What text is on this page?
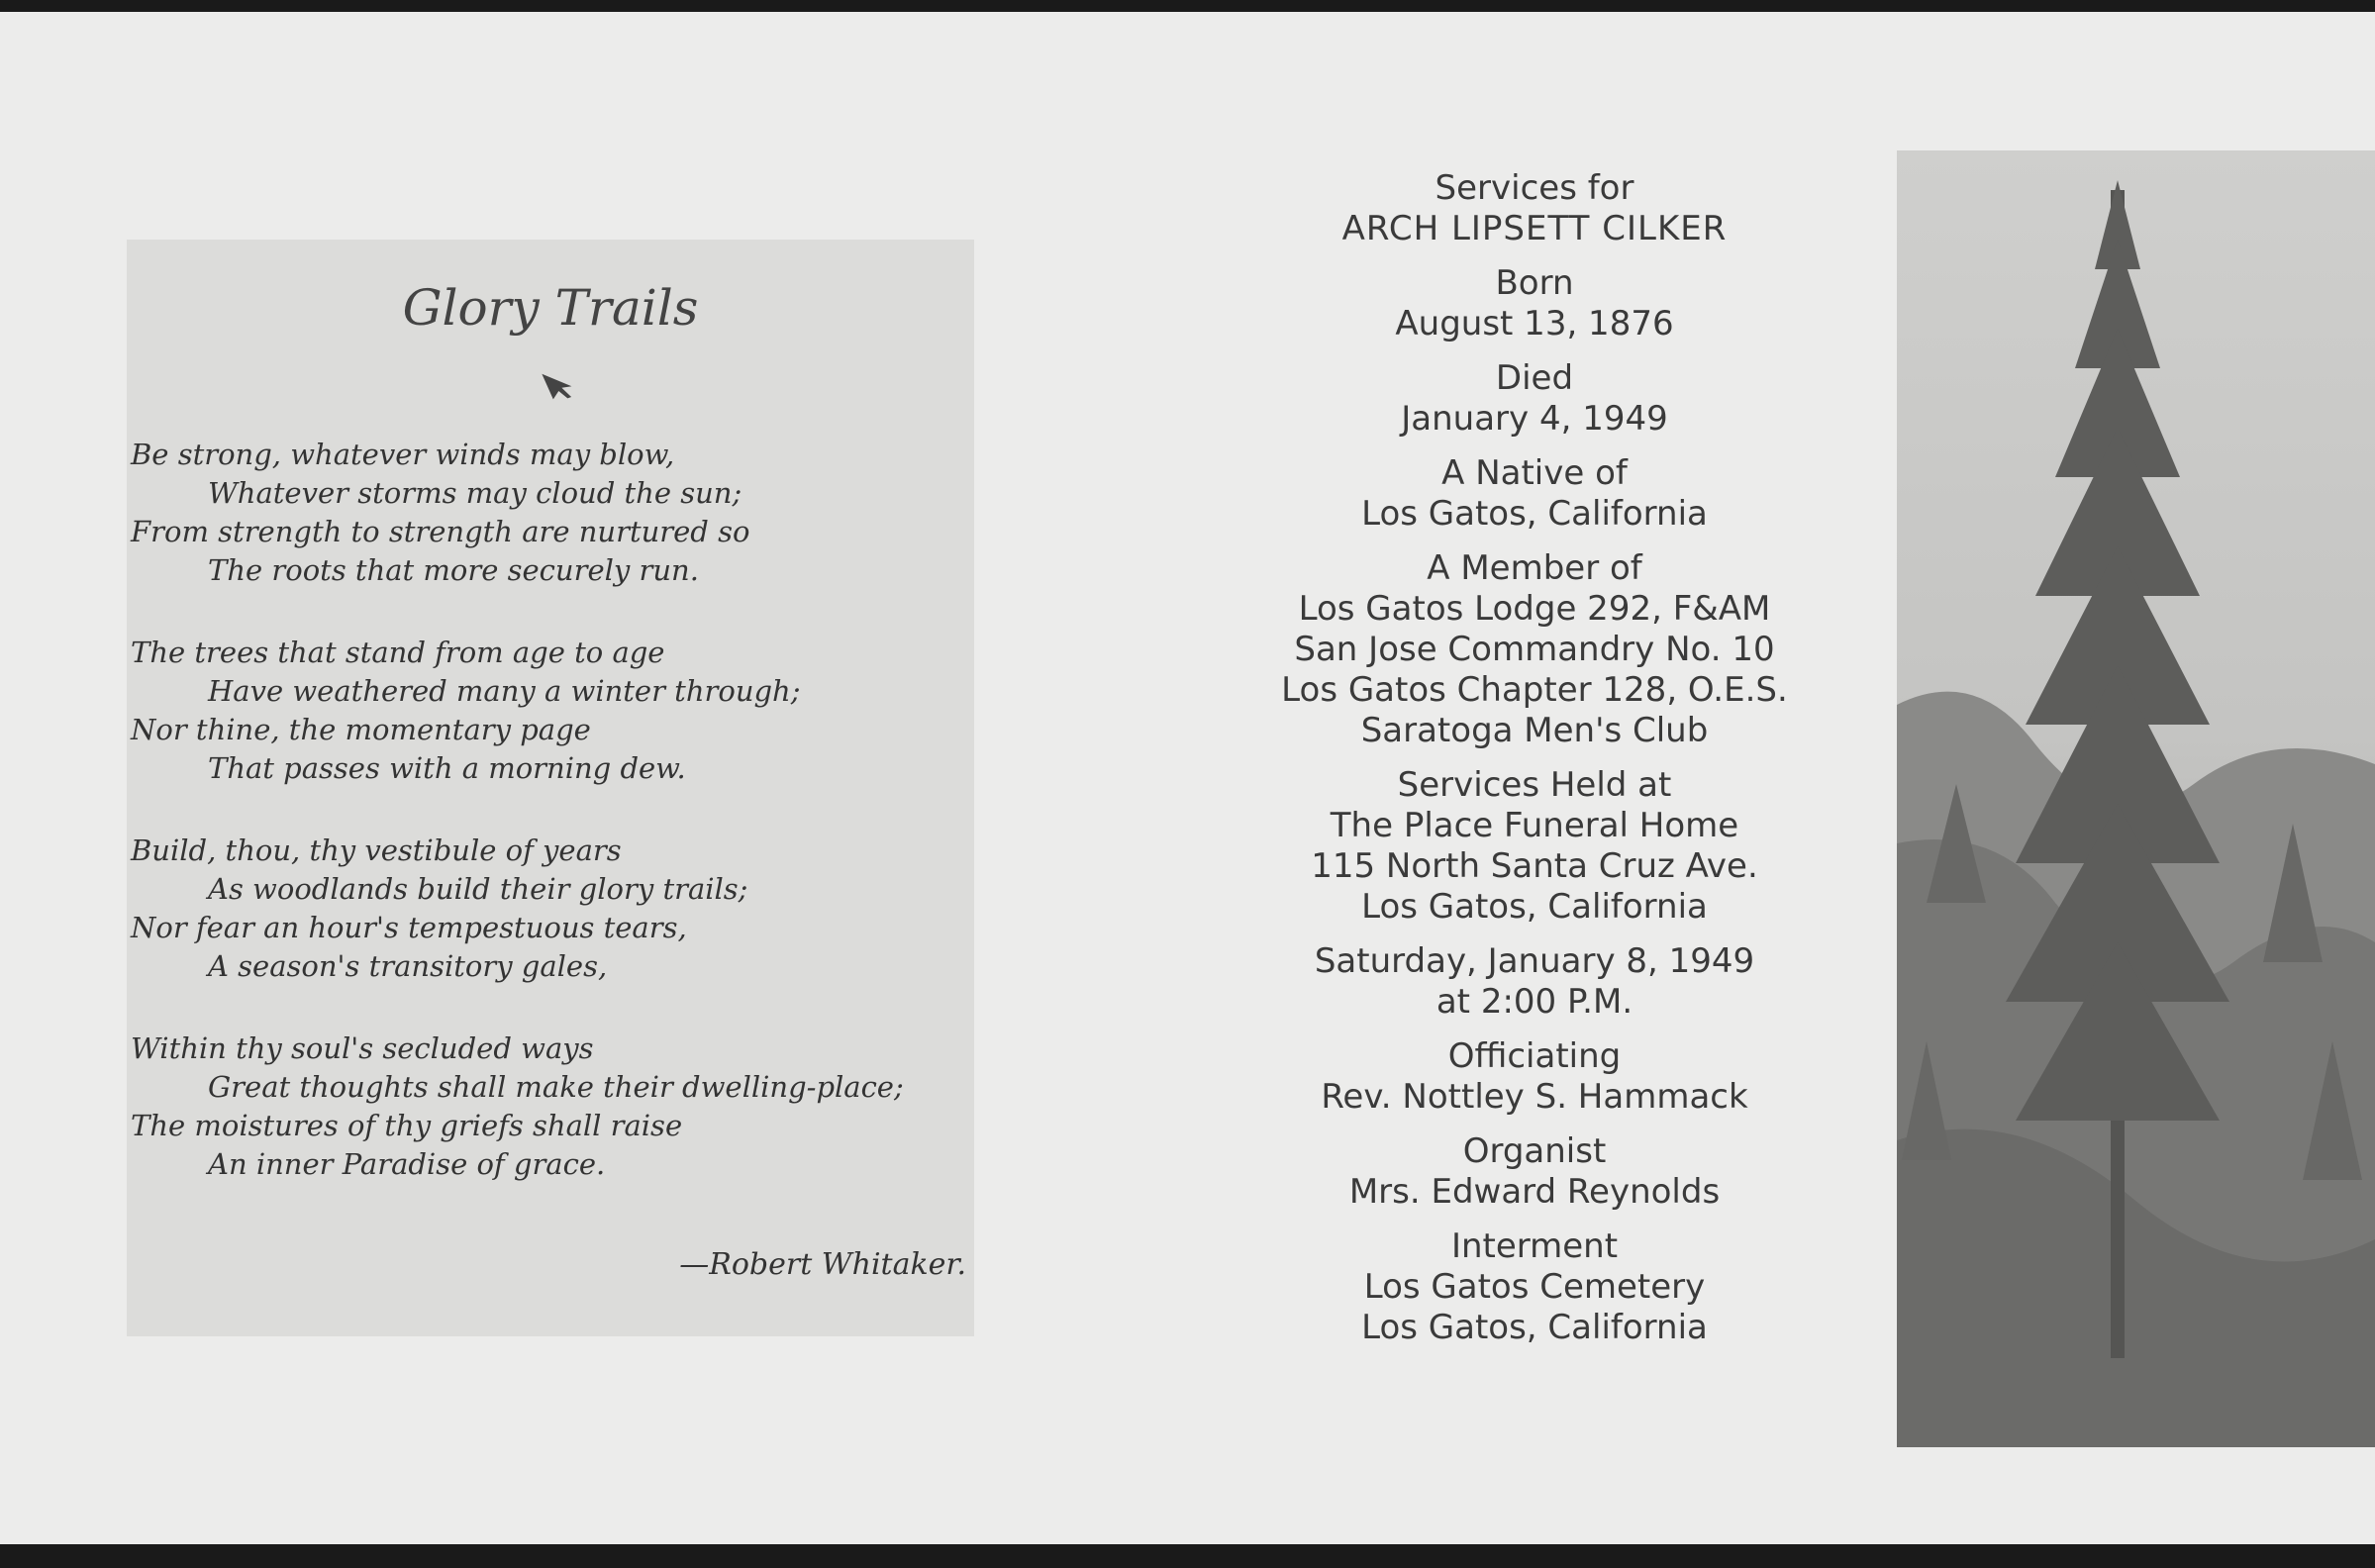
Glory Trails
Be strong, whatever winds may blow,
Whatever storms may cloud the sun;
From strength to strength are nurtured so
The roots that more securely run.
The trees that stand from age to age
Have weathered many a winter through;
Nor thine, the momentary page
That passes with a morning dew.
Build, thou, thy vestibule of years
As woodlands build their glory trails;
Nor fear an hour's tempestuous tears,
A season's transitory gales,
Within thy soul's secluded ways
Great thoughts shall make their dwelling-place;
The moistures of thy griefs shall raise
An inner Paradise of grace.
—Robert Whitaker.
Services for
ARCH LIPSETT CILKER
Born
August 13, 1876
Died
January 4, 1949
A Native of
Los Gatos, California
A Member of
Los Gatos Lodge 292, F&AM
San Jose Commandry No. 10
Los Gatos Chapter 128, O.E.S.
Saratoga Men's Club
Services Held at
The Place Funeral Home
115 North Santa Cruz Ave.
Los Gatos, California
Saturday, January 8, 1949
at 2:00 P.M.
Officiating
Rev. Nottley S. Hammack
Organist
Mrs. Edward Reynolds
Interment
Los Gatos Cemetery
Los Gatos, California
